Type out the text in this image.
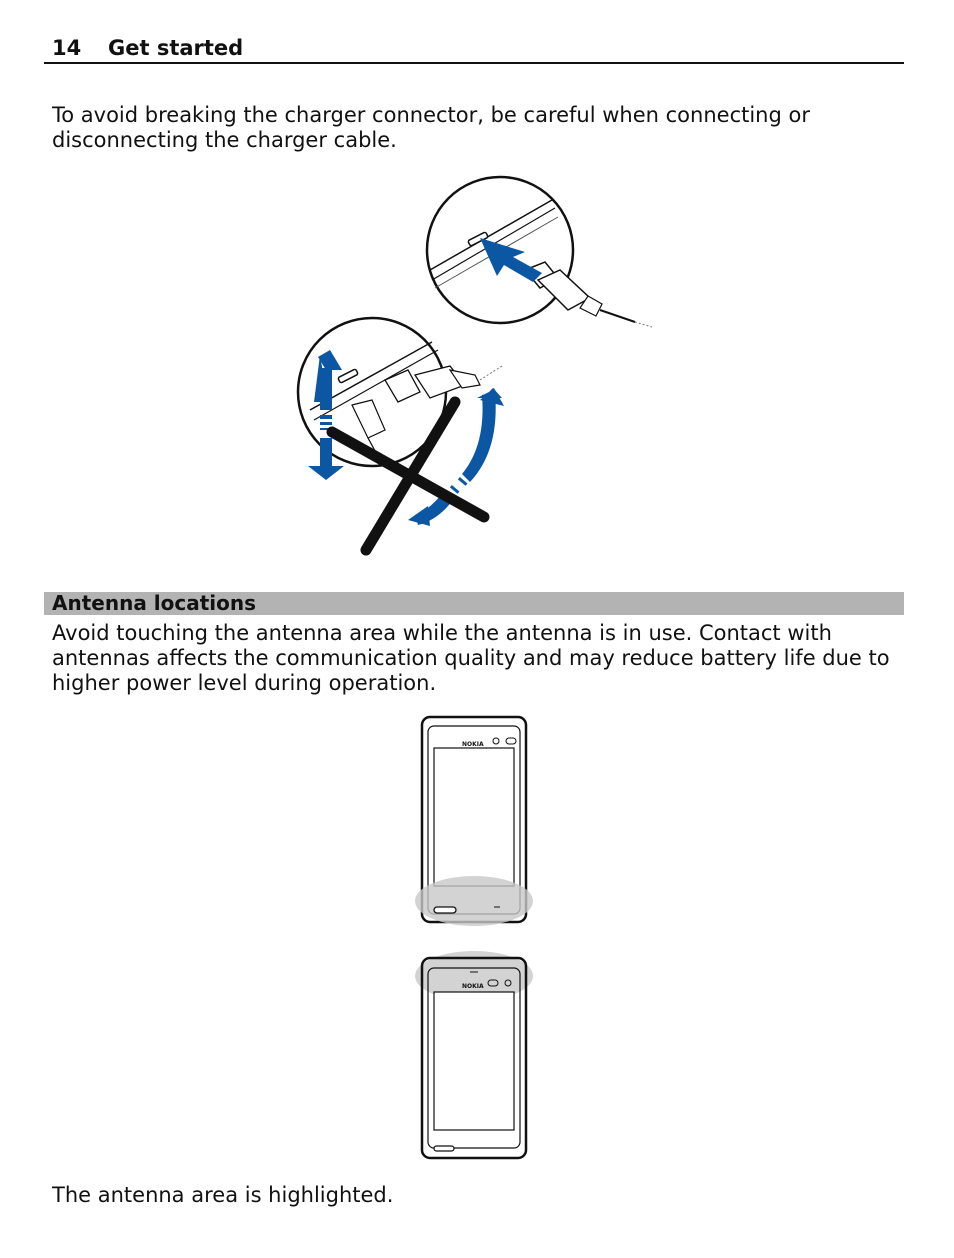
14 Get started

To avoid breaking the charger connector, be careful when connecting or disconnecting the charger cable.

Antenna locations

Avoid touching the antenna area while the antenna is in use. Contact with antennas affects the communication quality and may reduce battery life due to higher power level during operation.

NOKIA
NOKIA

The antenna area is highlighted.
